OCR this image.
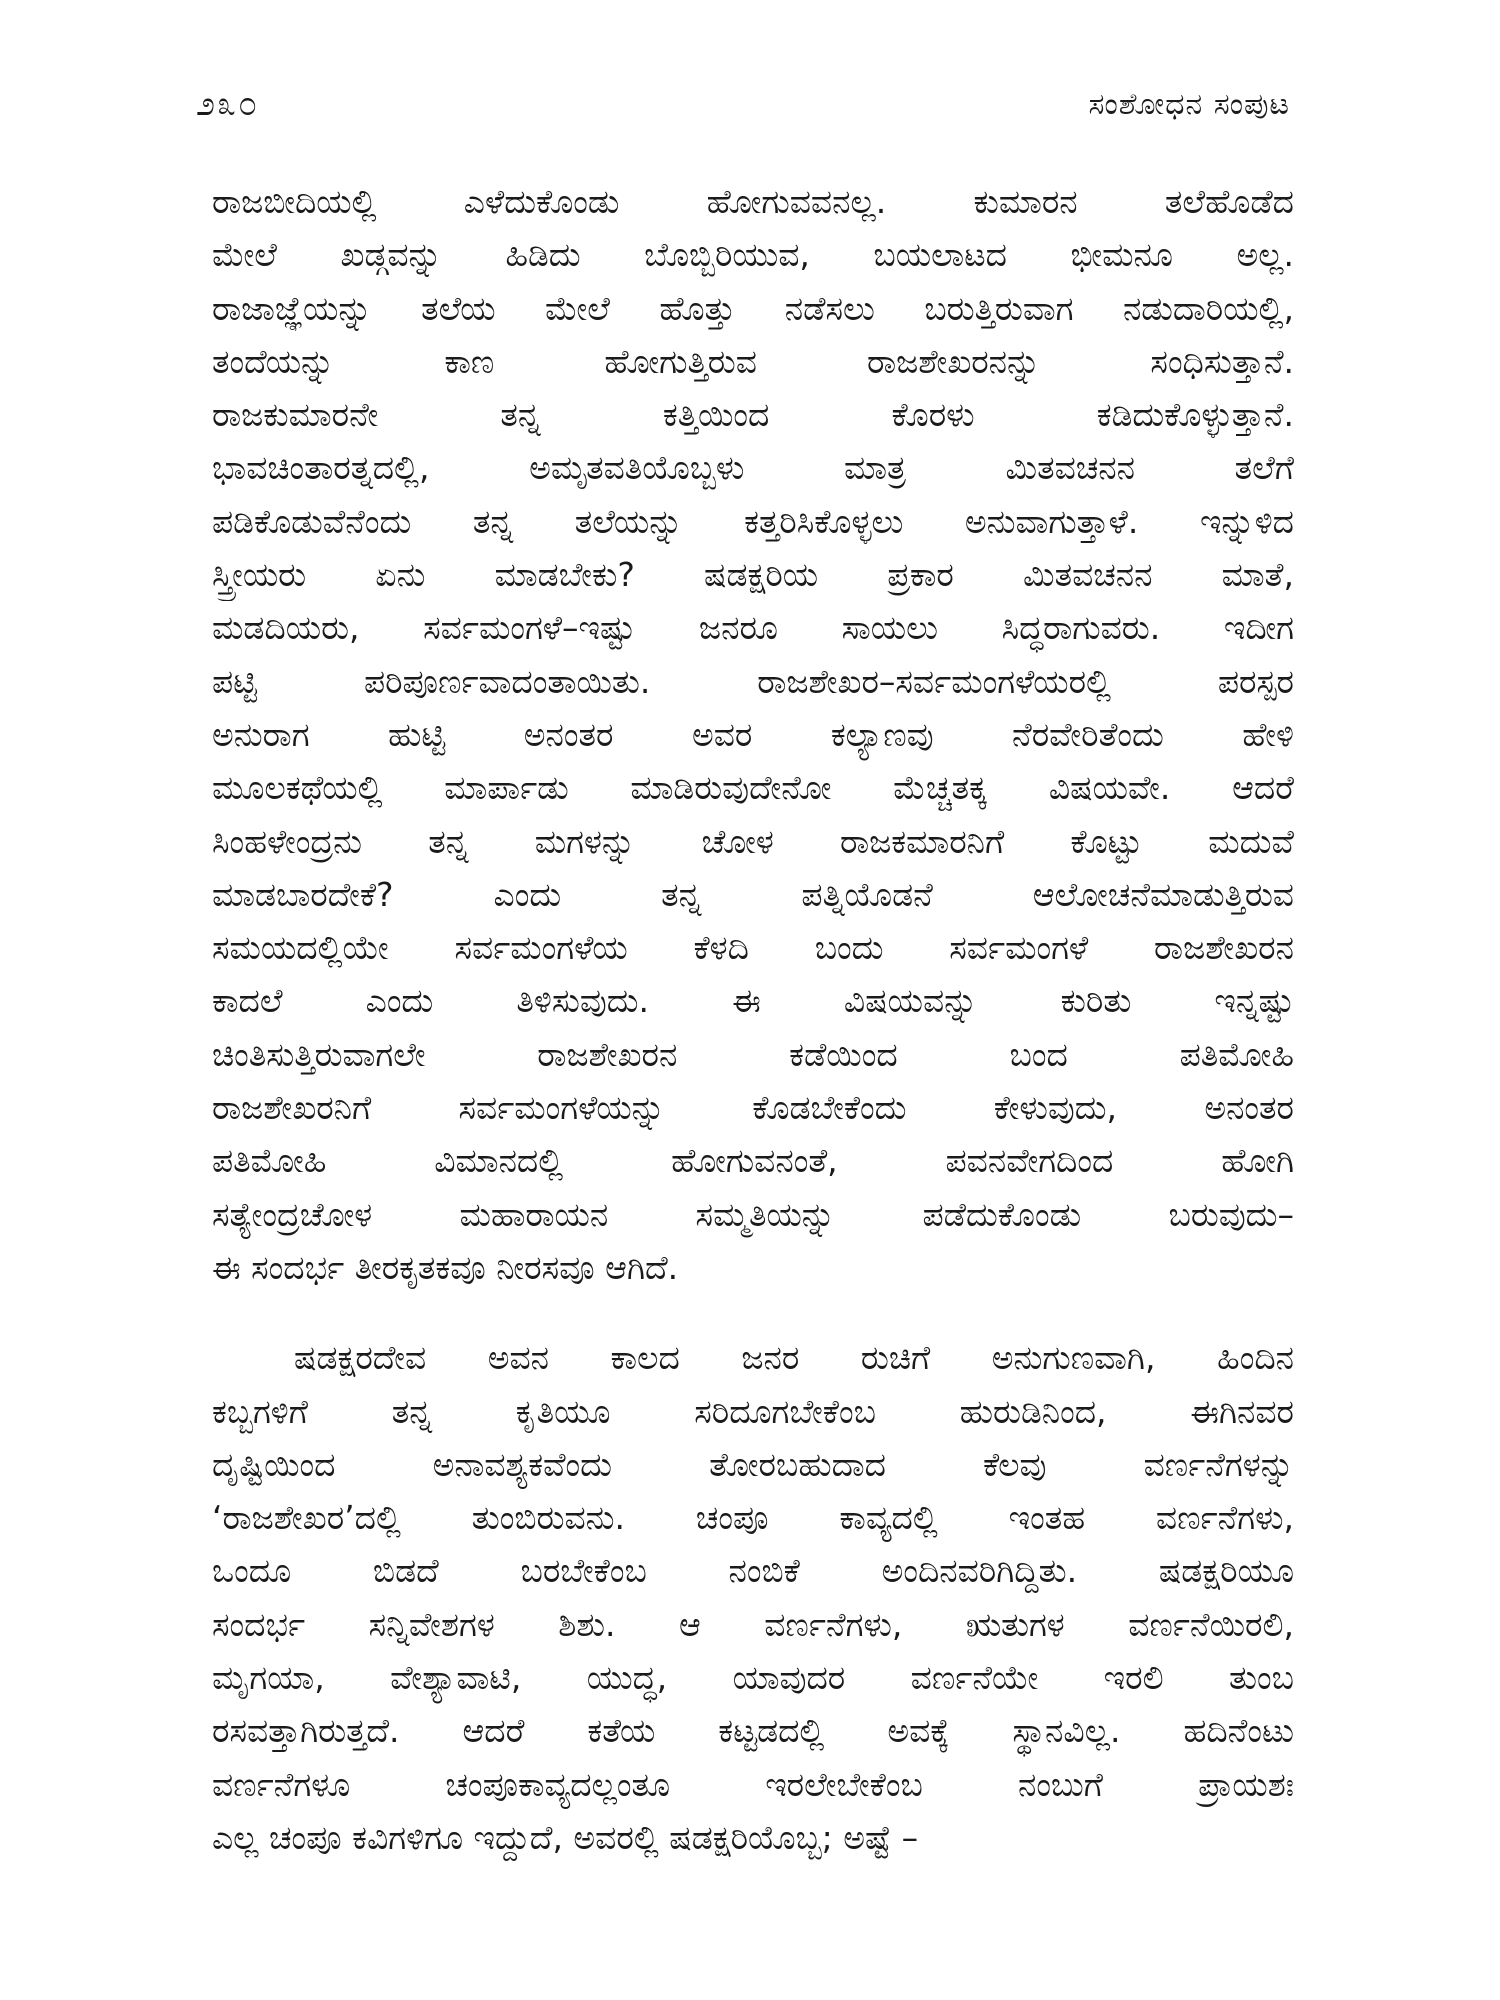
೨೩೦	ಸಂಶೋಧನ ಸಂಪುಟ
ರಾಜಬೀದಿಯಲ್ಲಿ ಎಳೆದುಕೊಂಡು ಹೋಗುವವನಲ್ಲ. ಕುಮಾರನ ತಲೆಹೊಡೆದ
ಮೇಲೆ ಖಡ್ಗವನ್ನು ಹಿಡಿದು ಬೊಬ್ಬಿರಿಯುವ, ಬಯಲಾಟದ ಭೀಮನೂ ಅಲ್ಲ.
ರಾಜಾಜ್ಞೆಯನ್ನು ತಲೆಯ ಮೇಲೆ ಹೊತ್ತು ನಡೆಸಲು ಬರುತ್ತಿರುವಾಗ ನಡುದಾರಿಯಲ್ಲಿ,
ತಂದೆಯನ್ನು ಕಾಣ ಹೋಗುತ್ತಿರುವ ರಾಜಶೇಖರನನ್ನು ಸಂಧಿಸುತ್ತಾನೆ.
ರಾಜಕುಮಾರನೇ ತನ್ನ ಕತ್ತಿಯಿಂದ ಕೊರಳು ಕಡಿದುಕೊಳ್ಳುತ್ತಾನೆ.
ಭಾವಚಿಂತಾರತ್ನದಲ್ಲಿ, ಅಮೃತವತಿಯೊಬ್ಬಳು ಮಾತ್ರ ಮಿತವಚನನ ತಲೆಗೆ
ಪಡಿಕೊಡುವೆನೆಂದು ತನ್ನ ತಲೆಯನ್ನು ಕತ್ತರಿಸಿಕೊಳ್ಳಲು ಅನುವಾಗುತ್ತಾಳೆ. ಇನ್ನುಳಿದ
ಸ್ತ್ರೀಯರು ಏನು ಮಾಡಬೇಕು? ಷಡಕ್ಷರಿಯ ಪ್ರಕಾರ ಮಿತವಚನನ ಮಾತೆ,
ಮಡದಿಯರು, ಸರ್ವಮಂಗಳೆ–ಇಷ್ಟು ಜನರೂ ಸಾಯಲು ಸಿದ್ಧರಾಗುವರು. ಇದೀಗ
ಪಟ್ಟಿ ಪರಿಪೂರ್ಣವಾದಂತಾಯಿತು. ರಾಜಶೇಖರ–ಸರ್ವಮಂಗಳೆಯರಲ್ಲಿ ಪರಸ್ಪರ
ಅನುರಾಗ ಹುಟ್ಟಿ ಅನಂತರ ಅವರ ಕಲ್ಯಾಣವು ನೆರವೇರಿತೆಂದು ಹೇಳಿ
ಮೂಲಕಥೆಯಲ್ಲಿ ಮಾರ್ಪಾಡು ಮಾಡಿರುವುದೇನೋ ಮೆಚ್ಚತಕ್ಕ ವಿಷಯವೇ. ಆದರೆ
ಸಿಂಹಳೇಂದ್ರನು ತನ್ನ ಮಗಳನ್ನು ಚೋಳ ರಾಜಕಮಾರನಿಗೆ ಕೊಟ್ಟು ಮದುವೆ
ಮಾಡಬಾರದೇಕೆ? ಎಂದು ತನ್ನ ಪತ್ನಿಯೊಡನೆ ಆಲೋಚನೆಮಾಡುತ್ತಿರುವ
ಸಮಯದಲ್ಲಿಯೇ ಸರ್ವಮಂಗಳೆಯ ಕೆಳದಿ ಬಂದು ಸರ್ವಮಂಗಳೆ ರಾಜಶೇಖರನ
ಕಾದಲೆ ಎಂದು ತಿಳಿಸುವುದು. ಈ ವಿಷಯವನ್ನು ಕುರಿತು ಇನ್ನಷ್ಟು
ಚಿಂತಿಸುತ್ತಿರುವಾಗಲೇ ರಾಜಶೇಖರನ ಕಡೆಯಿಂದ ಬಂದ ಪತಿಮೋಹಿ
ರಾಜಶೇಖರನಿಗೆ ಸರ್ವಮಂಗಳೆಯನ್ನು ಕೊಡಬೇಕೆಂದು ಕೇಳುವುದು, ಅನಂತರ
ಪತಿಮೋಹಿ ವಿಮಾನದಲ್ಲಿ ಹೋಗುವನಂತೆ, ಪವನವೇಗದಿಂದ ಹೋಗಿ
ಸತ್ಯೇಂದ್ರಚೋಳ ಮಹಾರಾಯನ ಸಮ್ಮತಿಯನ್ನು ಪಡೆದುಕೊಂಡು ಬರುವುದು–
ಈ ಸಂದರ್ಭ ತೀರಕೃತಕವೂ ನೀರಸವೂ ಆಗಿದೆ.
ಷಡಕ್ಷರದೇವ ಅವನ ಕಾಲದ ಜನರ ರುಚಿಗೆ ಅನುಗುಣವಾಗಿ, ಹಿಂದಿನ
ಕಬ್ಬಗಳಿಗೆ ತನ್ನ ಕೃತಿಯೂ ಸರಿದೂಗಬೇಕೆಂಬ ಹುರುಡಿನಿಂದ, ಈಗಿನವರ
ದೃಷ್ಟಿಯಿಂದ ಅನಾವಶ್ಯಕವೆಂದು ತೋರಬಹುದಾದ ಕೆಲವು ವರ್ಣನೆಗಳನ್ನು
‘ರಾಜಶೇಖರ’ದಲ್ಲಿ ತುಂಬಿರುವನು. ಚಂಪೂ ಕಾವ್ಯದಲ್ಲಿ ಇಂತಹ ವರ್ಣನೆಗಳು,
ಒಂದೂ ಬಿಡದೆ ಬರಬೇಕೆಂಬ ನಂಬಿಕೆ ಅಂದಿನವರಿಗಿದ್ದಿತು. ಷಡಕ್ಷರಿಯೂ
ಸಂದರ್ಭ ಸನ್ನಿವೇಶಗಳ ಶಿಶು. ಆ ವರ್ಣನೆಗಳು, ಋತುಗಳ ವರ್ಣನೆಯಿರಲಿ,
ಮೃಗಯಾ, ವೇಶ್ಯಾವಾಟಿ, ಯುದ್ಧ, ಯಾವುದರ ವರ್ಣನೆಯೇ ಇರಲಿ ತುಂಬ
ರಸವತ್ತಾಗಿರುತ್ತದೆ. ಆದರೆ ಕತೆಯ ಕಟ್ಟಡದಲ್ಲಿ ಅವಕ್ಕೆ ಸ್ಥಾನವಿಲ್ಲ. ಹದಿನೆಂಟು
ವರ್ಣನೆಗಳೂ ಚಂಪೂಕಾವ್ಯದಲ್ಲಂತೂ ಇರಲೇಬೇಕೆಂಬ ನಂಬುಗೆ ಪ್ರಾಯಶಃ
ಎಲ್ಲ ಚಂಪೂ ಕವಿಗಳಿಗೂ ಇದ್ದುದೆ, ಅವರಲ್ಲಿ ಷಡಕ್ಷರಿಯೊಬ್ಬ; ಅಷ್ಟೆ –
